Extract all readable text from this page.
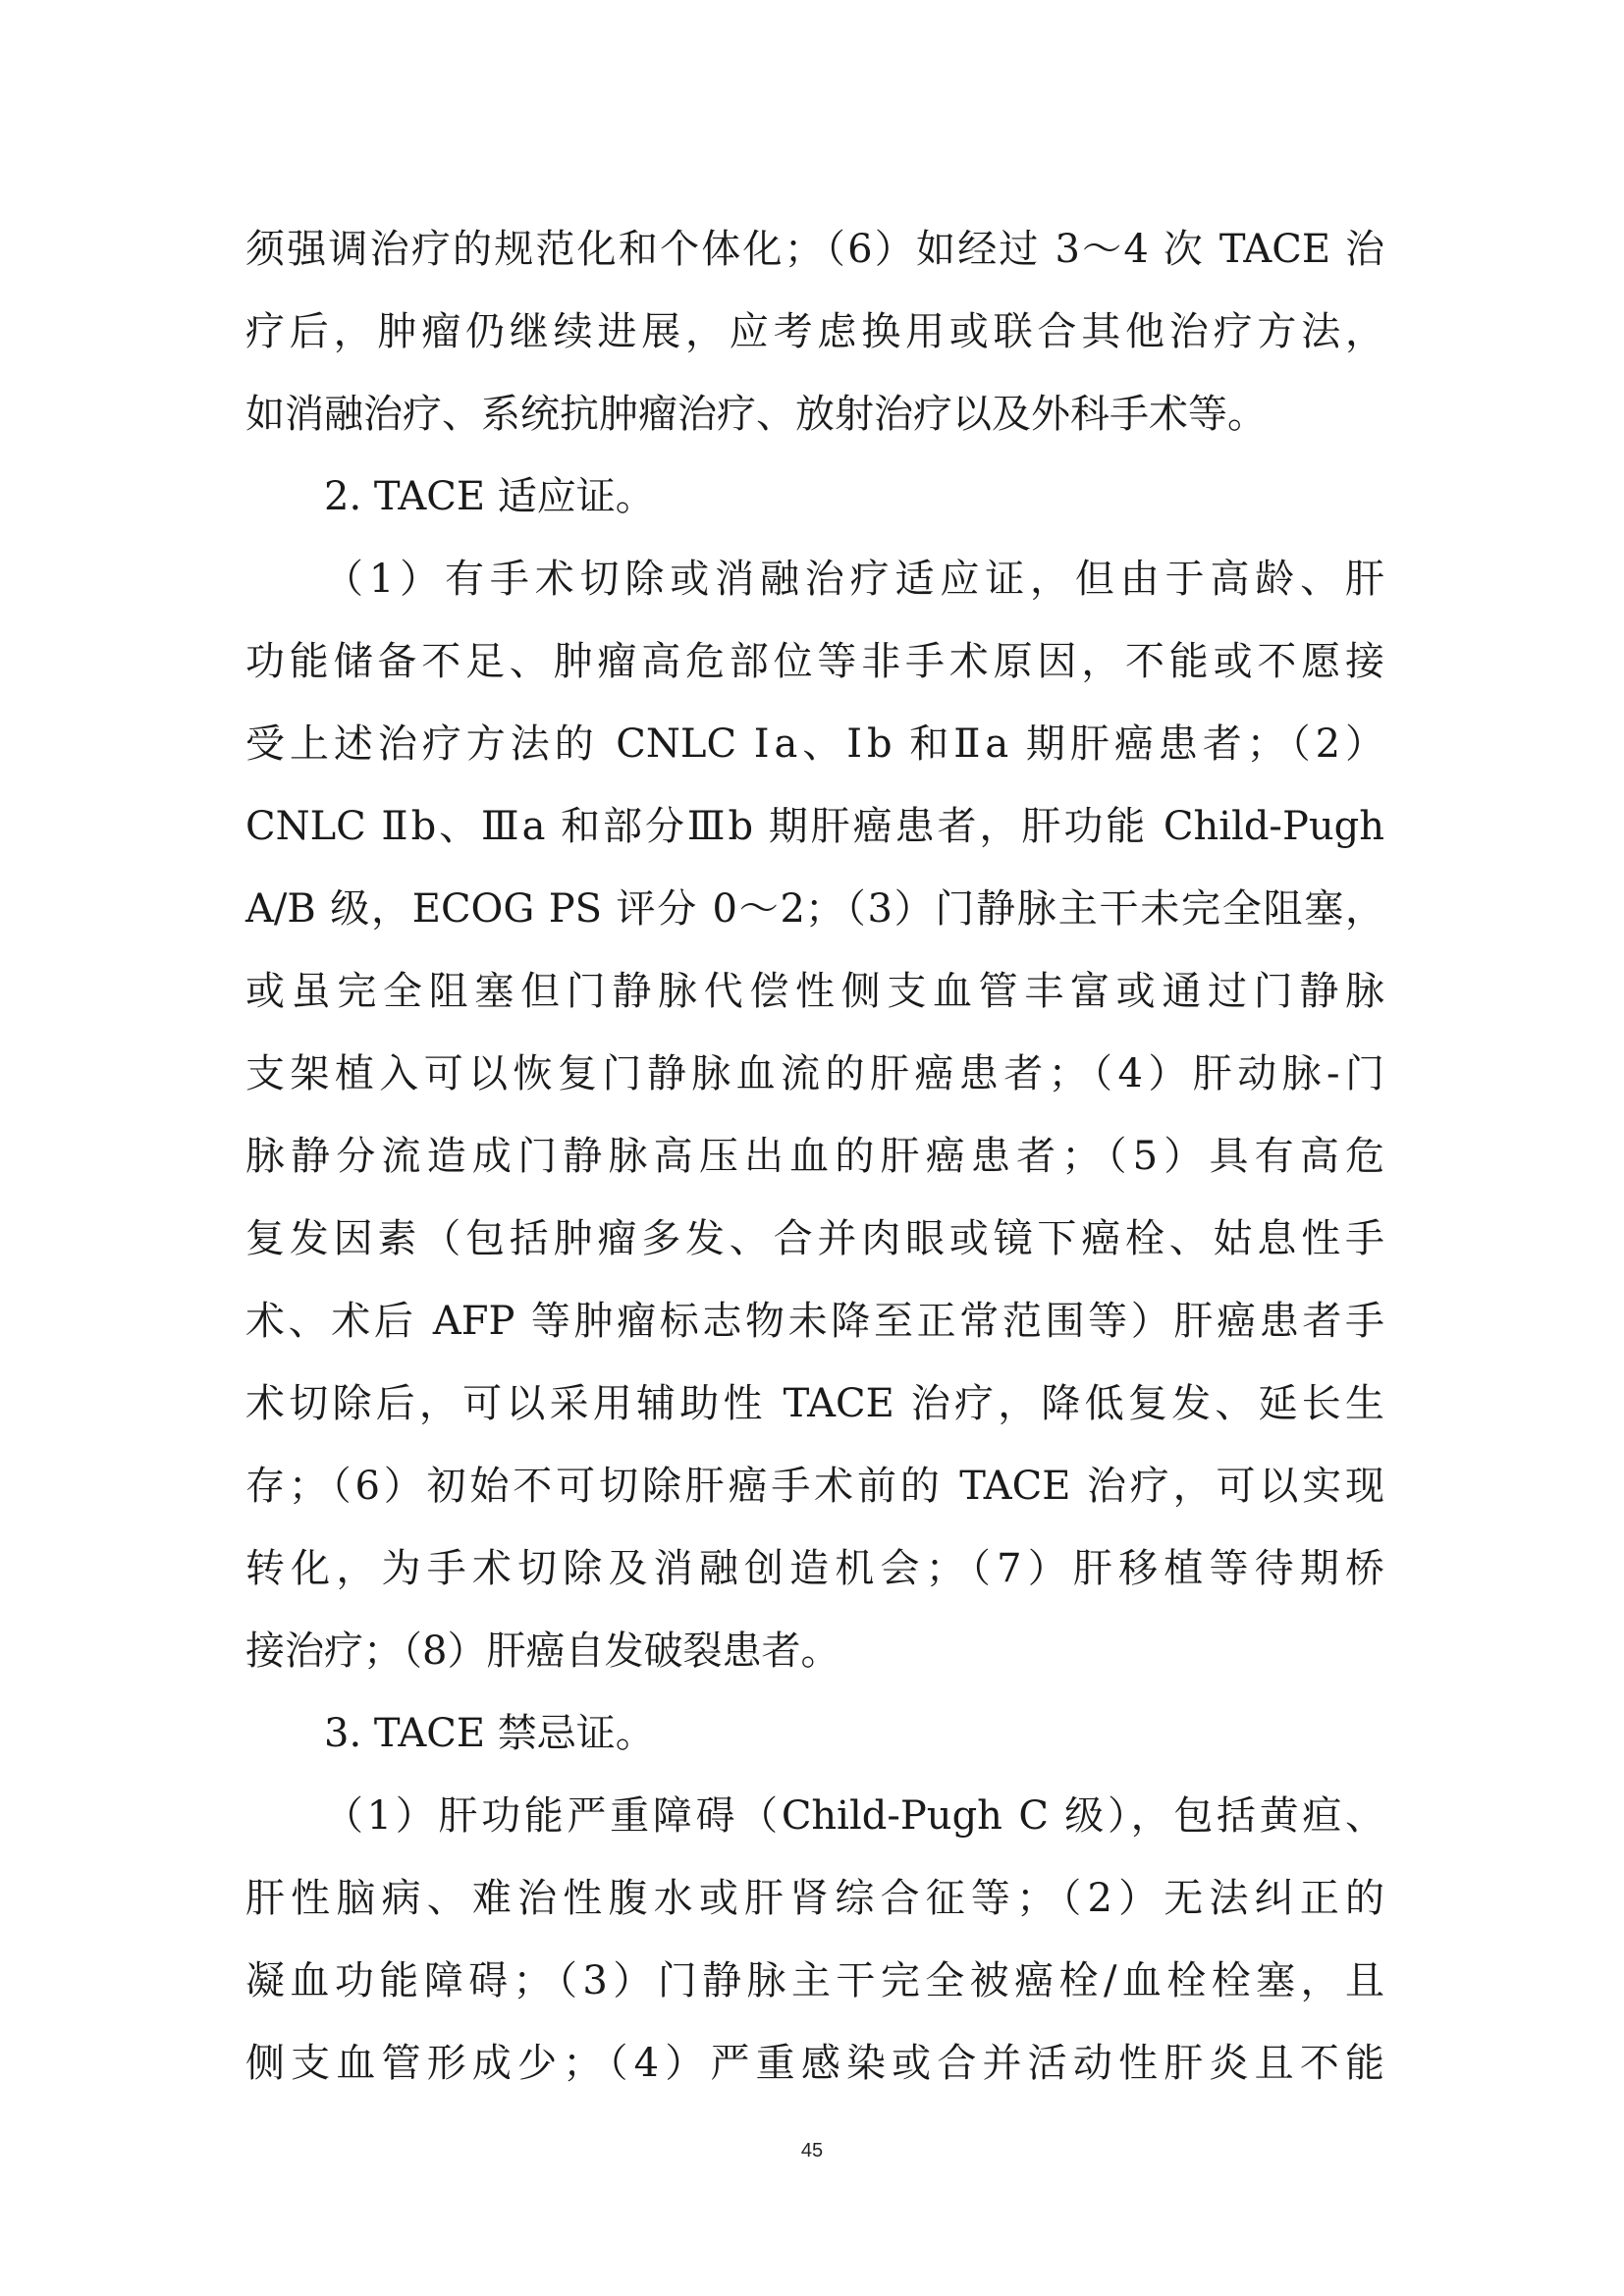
须强调治疗的规范化和个体化；（6）如经过 3～4 次 TACE 治
疗后，肿瘤仍继续进展，应考虑换用或联合其他治疗方法，
如消融治疗、系统抗肿瘤治疗、放射治疗以及外科手术等。
2. TACE 适应证。
（1）有手术切除或消融治疗适应证，但由于高龄、肝
功能储备不足、肿瘤高危部位等非手术原因，不能或不愿接
受上述治疗方法的 CNLC Ⅰa、Ⅰb 和Ⅱa 期肝癌患者；（2）
CNLC Ⅱb、Ⅲa 和部分Ⅲb 期肝癌患者，肝功能 Child-Pugh
A/B 级，ECOG PS 评分 0～2；（3）门静脉主干未完全阻塞，
或虽完全阻塞但门静脉代偿性侧支血管丰富或通过门静脉
支架植入可以恢复门静脉血流的肝癌患者；（4）肝动脉-门
脉静分流造成门静脉高压出血的肝癌患者；（5）具有高危
复发因素（包括肿瘤多发、合并肉眼或镜下癌栓、姑息性手
术、术后 AFP 等肿瘤标志物未降至正常范围等）肝癌患者手
术切除后，可以采用辅助性 TACE 治疗，降低复发、延长生
存；（6）初始不可切除肝癌手术前的 TACE 治疗，可以实现
转化，为手术切除及消融创造机会；（7）肝移植等待期桥
接治疗；（8）肝癌自发破裂患者。
3. TACE 禁忌证。
（1）肝功能严重障碍（Child-Pugh C 级），包括黄疸、
肝性脑病、难治性腹水或肝肾综合征等；（2）无法纠正的
凝血功能障碍；（3）门静脉主干完全被癌栓/血栓栓塞，且
侧支血管形成少；（4）严重感染或合并活动性肝炎且不能
45
